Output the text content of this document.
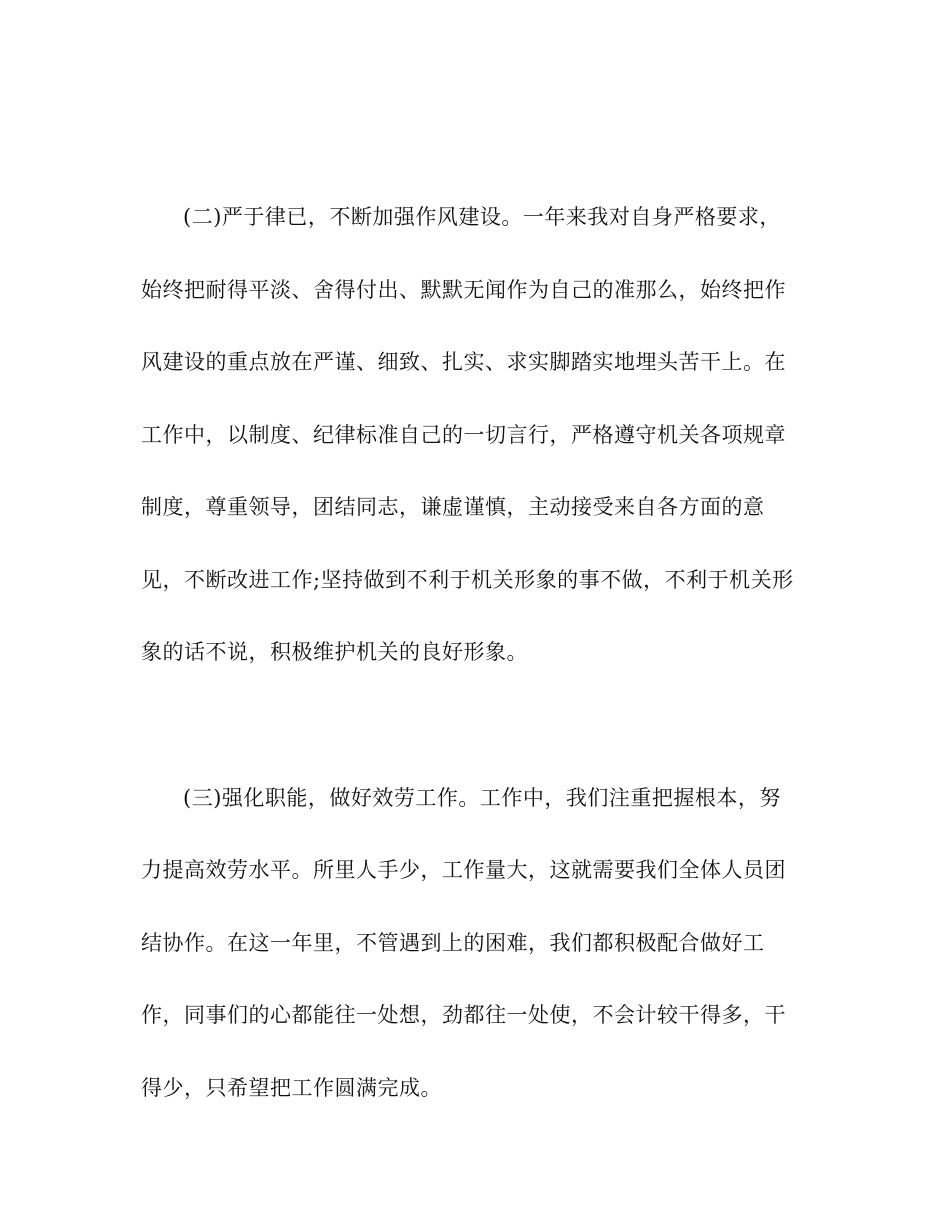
(二)严于律已，不断加强作风建设。一年来我对自身严格要求，
始终把耐得平淡、舍得付出、默默无闻作为自己的准那么，始终把作
风建设的重点放在严谨、细致、扎实、求实脚踏实地埋头苦干上。在
工作中，以制度、纪律标准自己的一切言行，严格遵守机关各项规章
制度，尊重领导，团结同志，谦虚谨慎，主动接受来自各方面的意
见，不断改进工作;坚持做到不利于机关形象的事不做，不利于机关形
象的话不说，积极维护机关的良好形象。
(三)强化职能，做好效劳工作。工作中，我们注重把握根本，努
力提高效劳水平。所里人手少，工作量大，这就需要我们全体人员团
结协作。在这一年里，不管遇到上的困难，我们都积极配合做好工
作，同事们的心都能往一处想，劲都往一处使，不会计较干得多，干
得少，只希望把工作圆满完成。
